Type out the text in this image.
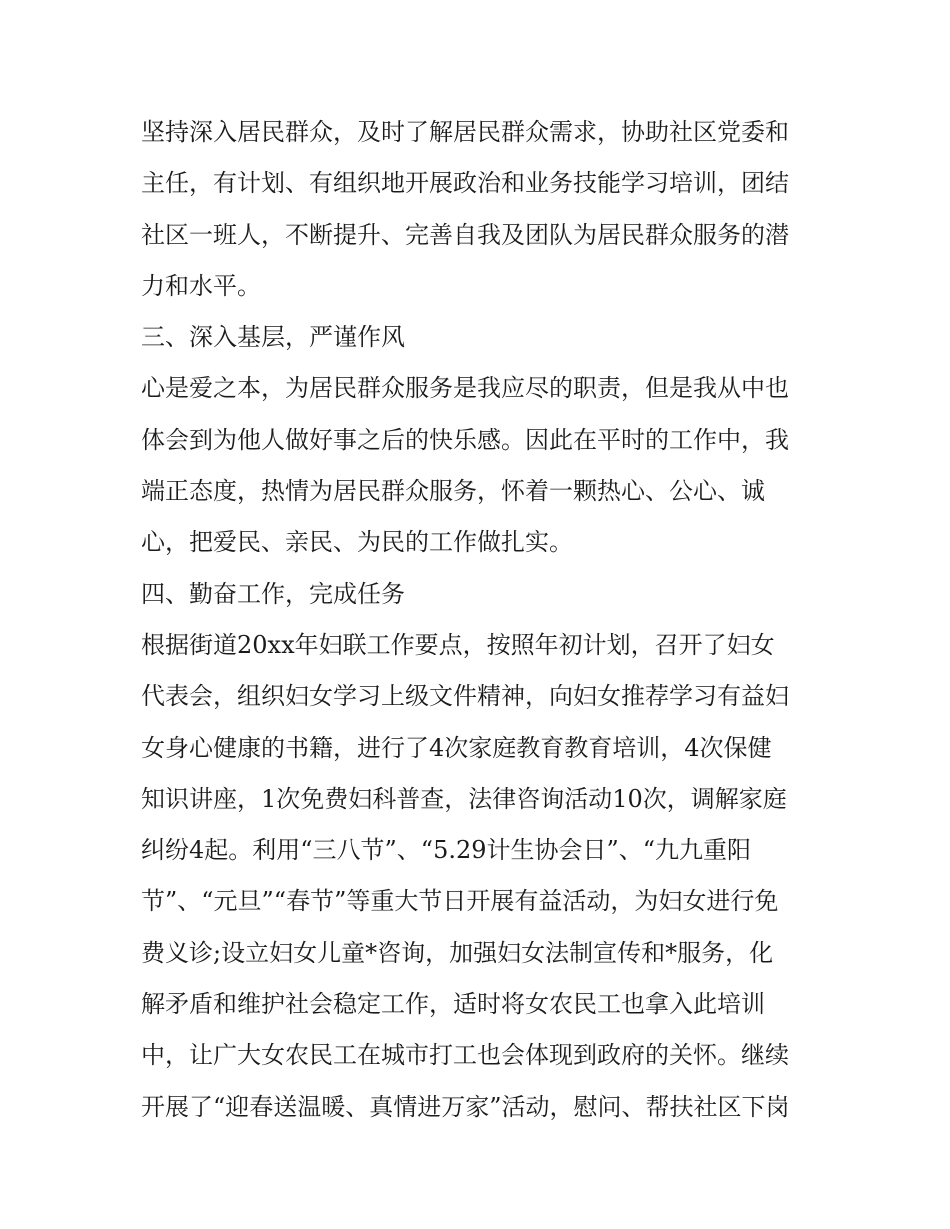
坚持深入居民群众，及时了解居民群众需求，协助社区党委和
主任，有计划、有组织地开展政治和业务技能学习培训，团结
社区一班人，不断提升、完善自我及团队为居民群众服务的潜
力和水平。
三、深入基层，严谨作风
心是爱之本，为居民群众服务是我应尽的职责，但是我从中也
体会到为他人做好事之后的快乐感。因此在平时的工作中，我
端正态度，热情为居民群众服务，怀着一颗热心、公心、诚
心，把爱民、亲民、为民的工作做扎实。
四、勤奋工作，完成任务
根据街道20xx年妇联工作要点，按照年初计划，召开了妇女
代表会，组织妇女学习上级文件精神，向妇女推荐学习有益妇
女身心健康的书籍，进行了4次家庭教育教育培训，4次保健
知识讲座，1次免费妇科普查，法律咨询活动10次，调解家庭
纠纷4起。利用“三八节”、“5.29计生协会日”、“九九重阳
节”、“元旦”“春节”等重大节日开展有益活动，为妇女进行免
费义诊;设立妇女儿童*咨询，加强妇女法制宣传和*服务，化
解矛盾和维护社会稳定工作，适时将女农民工也拿入此培训
中，让广大女农民工在城市打工也会体现到政府的关怀。继续
开展了“迎春送温暖、真情进万家”活动，慰问、帮扶社区下岗
